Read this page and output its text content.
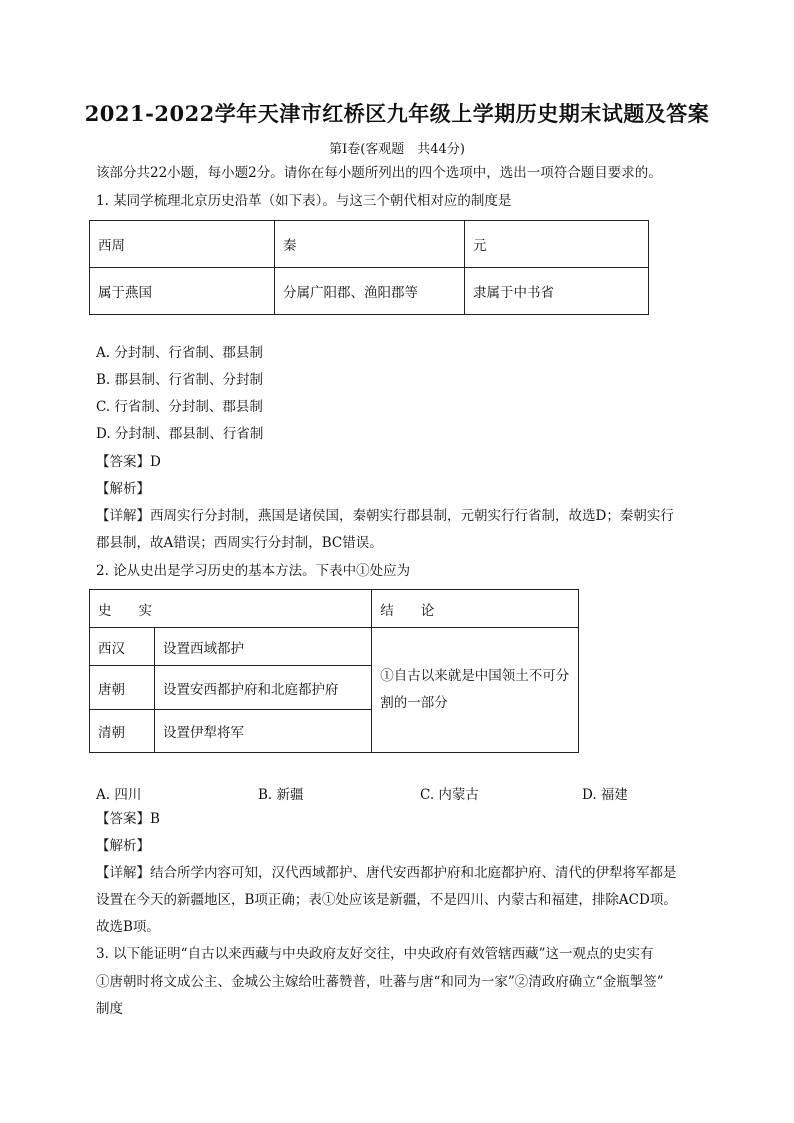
2021-2022学年天津市红桥区九年级上学期历史期末试题及答案
第Ⅰ卷(客观题　共44分)
该部分共22小题，每小题2分。请你在每小题所列出的四个选项中，选出一项符合题目要求的。
1. 某同学梳理北京历史沿革（如下表）。与这三个朝代相对应的制度是
西周	秦	元
属于燕国	分属广阳郡、渔阳郡等	隶属于中书省
A. 分封制、行省制、郡县制
B. 郡县制、行省制、分封制
C. 行省制、分封制、郡县制
D. 分封制、郡县制、行省制
【答案】D
【解析】
【详解】西周实行分封制，燕国是诸侯国，秦朝实行郡县制，元朝实行行省制，故选D；秦朝实行
郡县制，故A错误；西周实行分封制，BC错误。
2. 论从史出是学习历史的基本方法。下表中①处应为
史　　实		结　　论
西汉	设置西域都护	①自古以来就是中国领土不可分
割的一部分
唐朝	设置安西都护府和北庭都护府	
清朝	设置伊犁将军	
A. 四川	B. 新疆	C. 内蒙古	D. 福建
【答案】B
【解析】
【详解】结合所学内容可知，汉代西域都护、唐代安西都护府和北庭都护府、清代的伊犁将军都是
设置在今天的新疆地区，B项正确；表①处应该是新疆，不是四川、内蒙古和福建，排除ACD项。
故选B项。
3. 以下能证明“自古以来西藏与中央政府友好交往，中央政府有效管辖西藏”这一观点的史实有
①唐朝时将文成公主、金城公主嫁给吐蕃赞普，吐蕃与唐“和同为一家”②清政府确立“金瓶掣签”
制度
